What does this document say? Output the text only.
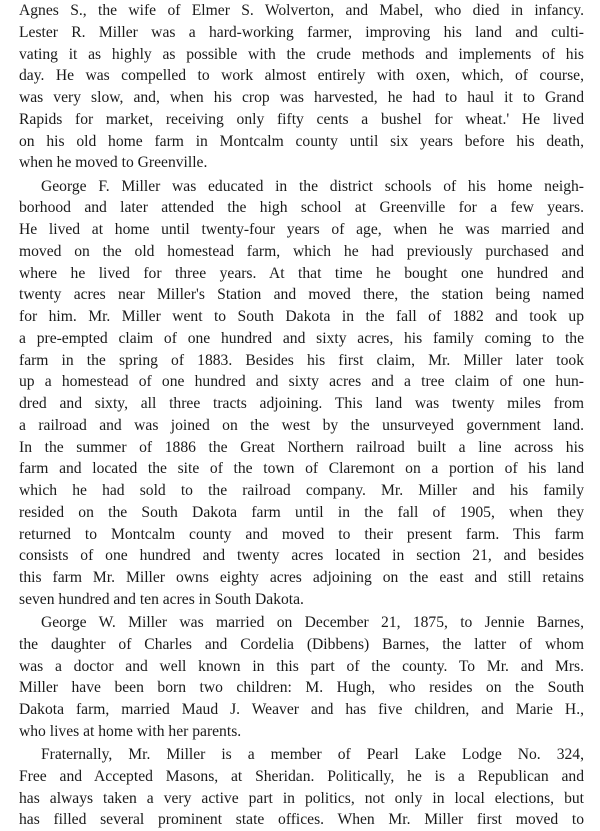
Agnes S., the wife of Elmer S. Wolverton, and Mabel, who died in infancy.
Lester R. Miller was a hard-working farmer, improving his land and culti-
vating it as highly as possible with the crude methods and implements of his
day. He was compelled to work almost entirely with oxen, which, of course,
was very slow, and, when his crop was harvested, he had to haul it to Grand
Rapids for market, receiving only fifty cents a bushel for wheat.' He lived
on his old home farm in Montcalm county until six years before his death,
when he moved to Greenville.
George F. Miller was educated in the district schools of his home neigh-
borhood and later attended the high school at Greenville for a few years.
He lived at home until twenty-four years of age, when he was married and
moved on the old homestead farm, which he had previously purchased and
where he lived for three years. At that time he bought one hundred and
twenty acres near Miller's Station and moved there, the station being named
for him. Mr. Miller went to South Dakota in the fall of 1882 and took up
a pre-empted claim of one hundred and sixty acres, his family coming to the
farm in the spring of 1883. Besides his first claim, Mr. Miller later took
up a homestead of one hundred and sixty acres and a tree claim of one hun-
dred and sixty, all three tracts adjoining. This land was twenty miles from
a railroad and was joined on the west by the unsurveyed government land.
In the summer of 1886 the Great Northern railroad built a line across his
farm and located the site of the town of Claremont on a portion of his land
which he had sold to the railroad company. Mr. Miller and his family
resided on the South Dakota farm until in the fall of 1905, when they
returned to Montcalm county and moved to their present farm. This farm
consists of one hundred and twenty acres located in section 21, and besides
this farm Mr. Miller owns eighty acres adjoining on the east and still retains
seven hundred and ten acres in South Dakota.
George W. Miller was married on December 21, 1875, to Jennie Barnes,
the daughter of Charles and Cordelia (Dibbens) Barnes, the latter of whom
was a doctor and well known in this part of the county. To Mr. and Mrs.
Miller have been born two children: M. Hugh, who resides on the South
Dakota farm, married Maud J. Weaver and has five children, and Marie H.,
who lives at home with her parents.
Fraternally, Mr. Miller is a member of Pearl Lake Lodge No. 324,
Free and Accepted Masons, at Sheridan. Politically, he is a Republican and
has always taken a very active part in politics, not only in local elections, but
has filled several prominent state offices. When Mr. Miller first moved to
